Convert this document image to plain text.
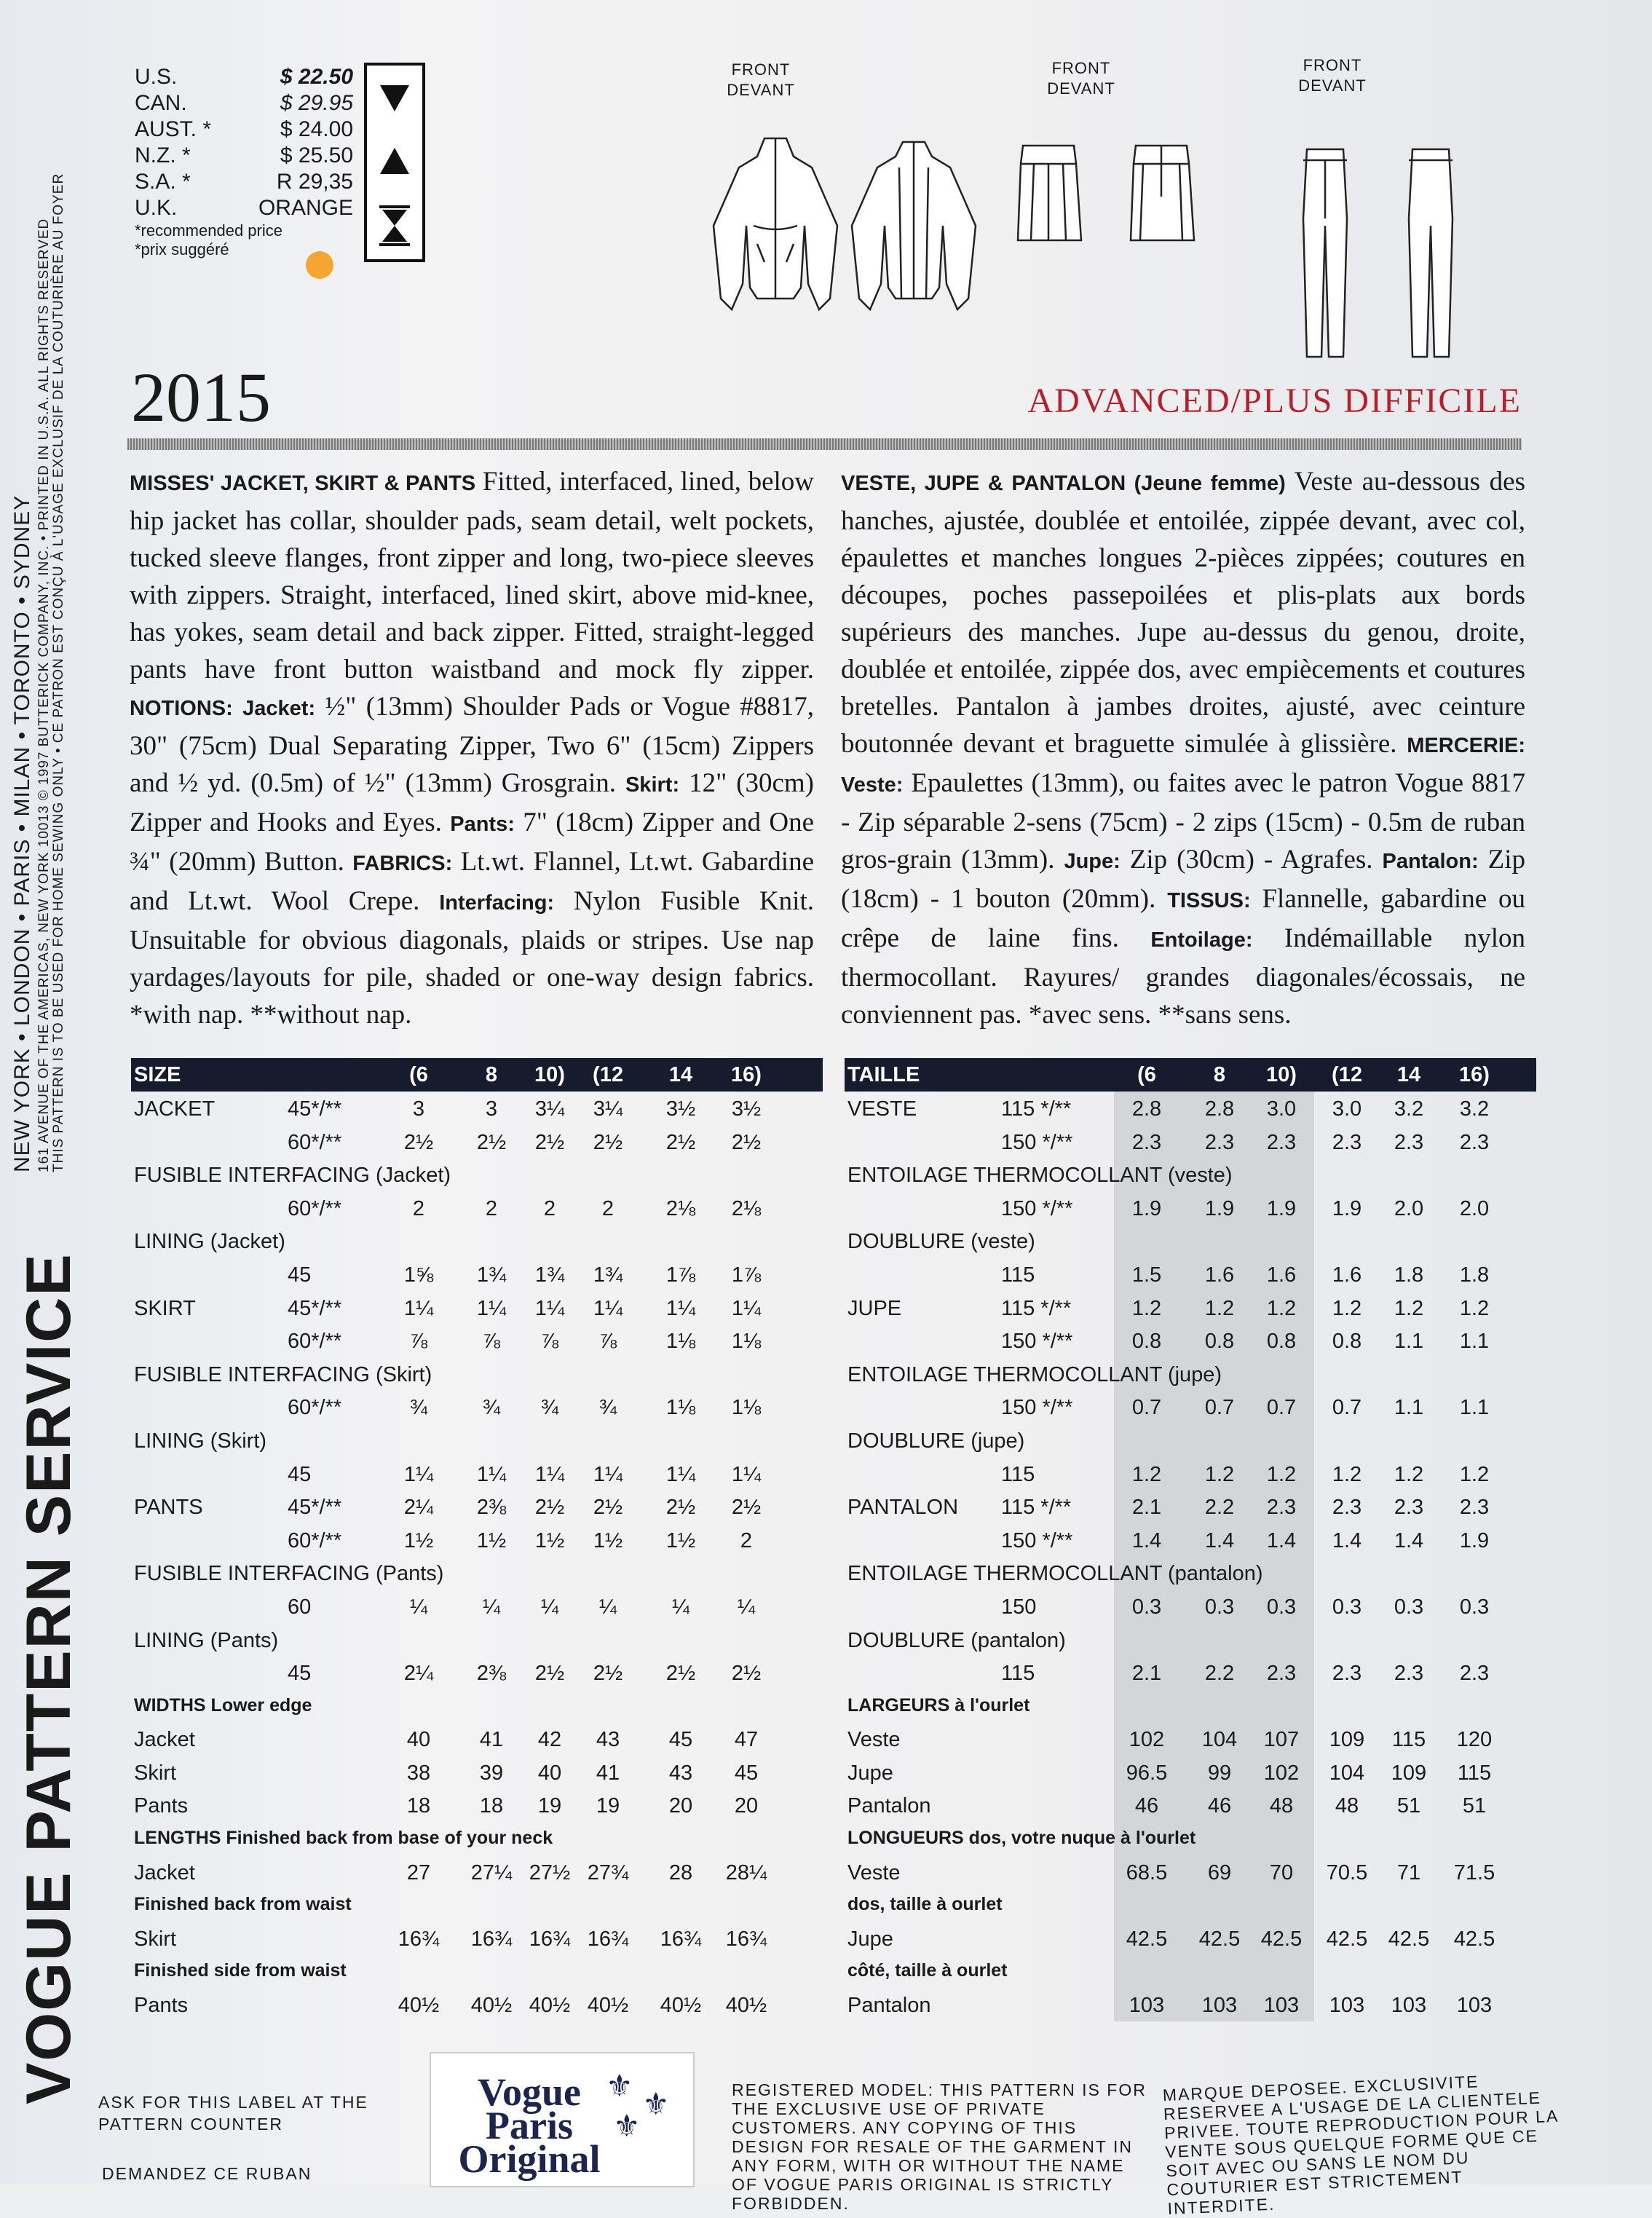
VOGUE PATTERN SERVICE
NEW YORK • LONDON • PARIS • MILAN • TORONTO • SYDNEY 161 AVENUE OF THE AMERICAS, NEW YORK 10013 © 1997 BUTTERICK COMPANY, INC. • PRINTED IN U.S.A. ALL RIGHTS RESERVED THIS PATTERN IS TO BE USED FOR HOME SEWING ONLY • CE PATRON EST CONÇU À L'USAGE EXCLUSIF DE LA COUTURIÈRE AU FOYER
U.S.	$ 22.50
CAN.	$ 29.95
AUST. *	$ 24.00
N.Z. *	$ 25.50
S.A. *	R 29,35
U.K.	ORANGE
*recommended price
*prix suggéré
FRONT
DEVANT
FRONT
DEVANT
FRONT
DEVANT
2015	ADVANCED/PLUS DIFFICILE
MISSES' JACKET, SKIRT & PANTS Fitted, interfaced, lined, below hip jacket has collar, shoulder pads, seam detail, welt pockets, tucked sleeve flanges, front zipper and long, two-piece sleeves with zippers. Straight, interfaced, lined skirt, above mid-knee, has yokes, seam detail and back zipper. Fitted, straight-legged pants have front button waistband and mock fly zipper. NOTIONS: Jacket: ½" (13mm) Shoulder Pads or Vogue #8817, 30" (75cm) Dual Separating Zipper, Two 6" (15cm) Zippers and ½ yd. (0.5m) of ½" (13mm) Grosgrain. Skirt: 12" (30cm) Zipper and Hooks and Eyes. Pants: 7" (18cm) Zipper and One ¾" (20mm) Button. FABRICS: Lt.wt. Flannel, Lt.wt. Gabardine and Lt.wt. Wool Crepe. Interfacing: Nylon Fusible Knit. Unsuitable for obvious diagonals, plaids or stripes. Use nap yardages/layouts for pile, shaded or one-way design fabrics. *with nap. **without nap.
VESTE, JUPE & PANTALON (Jeune femme) Veste au-dessous des hanches, ajustée, doublée et entoilée, zippée devant, avec col, épaulettes et manches longues 2-pièces zippées; coutures en découpes, poches passepoilées et plis-plats aux bords supérieurs des manches. Jupe au-dessus du genou, droite, doublée et entoilée, zippée dos, avec empiècements et coutures bretelles. Pantalon à jambes droites, ajusté, avec ceinture boutonnée devant et braguette simulée à glissière. MERCERIE: Veste: Epaulettes (13mm), ou faites avec le patron Vogue 8817 - Zip séparable 2-sens (75cm) - 2 zips (15cm) - 0.5m de ruban gros-grain (13mm). Jupe: Zip (30cm) - Agrafes. Pantalon: Zip (18cm) - 1 bouton (20mm). TISSUS: Flannelle, gabardine ou crêpe de laine fins. Entoilage: Indémaillable nylon thermocollant. Rayures/ grandes diagonales/écossais, ne conviennent pas. *avec sens. **sans sens.
SIZE	(6	8	10)	(12	14	16)
JACKET	45*/**	3	3	3¼	3¼	3½	3½
60*/**	2½	2½	2½	2½	2½	2½
FUSIBLE INTERFACING (Jacket)
60*/**	2	2	2	2	2⅛	2⅛
LINING (Jacket)
45	1⅝	1¾	1¾	1¾	1⅞	1⅞
SKIRT	45*/**	1¼	1¼	1¼	1¼	1¼	1¼
60*/**	⅞	⅞	⅞	⅞	1⅛	1⅛
FUSIBLE INTERFACING (Skirt)
60*/**	¾	¾	¾	¾	1⅛	1⅛
LINING (Skirt)
45	1¼	1¼	1¼	1¼	1¼	1¼
PANTS	45*/**	2¼	2⅜	2½	2½	2½	2½
60*/**	1½	1½	1½	1½	1½	2
FUSIBLE INTERFACING (Pants)
60	¼	¼	¼	¼	¼	¼
LINING (Pants)
45	2¼	2⅜	2½	2½	2½	2½
WIDTHS Lower edge
Jacket	40	41	42	43	45	47
Skirt	38	39	40	41	43	45
Pants	18	18	19	19	20	20
LENGTHS Finished back from base of your neck
Jacket	27	27¼ 27½ 27¾	28	28¼
Finished back from waist
Skirt	16¾	16¾ 16¾ 16¾	16¾	16¾
Finished side from waist
Pants	40½	40½ 40½ 40½	40½	40½
TAILLE	(6	8	10)	(12	14	16)
VESTE	115 */**	2.8	2.8	3.0	3.0	3.2	3.2
150 */**	2.3	2.3	2.3	2.3	2.3	2.3
ENTOILAGE THERMOCOLLANT (veste)
150 */**	1.9	1.9	1.9	1.9	2.0	2.0
DOUBLURE (veste)
115	1.5	1.6	1.6	1.6	1.8	1.8
JUPE	115 */**	1.2	1.2	1.2	1.2	1.2	1.2
150 */**	0.8	0.8	0.8	0.8	1.1	1.1
ENTOILAGE THERMOCOLLANT (jupe)
150 */**	0.7	0.7	0.7	0.7	1.1	1.1
DOUBLURE (jupe)
115	1.2	1.2	1.2	1.2	1.2	1.2
PANTALON 115 */**	2.1	2.2	2.3	2.3	2.3	2.3
150 */**	1.4	1.4	1.4	1.4	1.4	1.9
ENTOILAGE THERMOCOLLANT (pantalon)
150	0.3	0.3	0.3	0.3	0.3	0.3
DOUBLURE (pantalon)
115	2.1	2.2	2.3	2.3	2.3	2.3
LARGEURS à l'ourlet
Veste	102	104	107	109	115	120
Jupe	96.5	99	102	104	109	115
Pantalon	46	46	48	48	51	51
LONGUEURS dos, votre nuque à l'ourlet
Veste	68.5	69	70	70.5	71	71.5
dos, taille à ourlet
Jupe	42.5	42.5 42.5	42.5 42.5	42.5
côté, taille à ourlet
Pantalon	103	103	103	103	103	103
ASK FOR THIS LABEL AT THE PATTERN COUNTER
DEMANDEZ CE RUBAN
Vogue
Paris
Original
⚜
⚜
⚜
REGISTERED MODEL: THIS PATTERN IS FOR THE EXCLUSIVE USE OF PRIVATE CUSTOMERS. ANY COPYING OF THIS DESIGN FOR RESALE OF THE GARMENT IN ANY FORM, WITH OR WITHOUT THE NAME OF VOGUE PARIS ORIGINAL IS STRICTLY FORBIDDEN.
MARQUE DEPOSEE. EXCLUSIVITE RESERVEE A L'USAGE DE LA CLIENTELE PRIVEE. TOUTE REPRODUCTION POUR LA VENTE SOUS QUELQUE FORME QUE CE SOIT AVEC OU SANS LE NOM DU COUTURIER EST STRICTEMENT INTERDITE.
